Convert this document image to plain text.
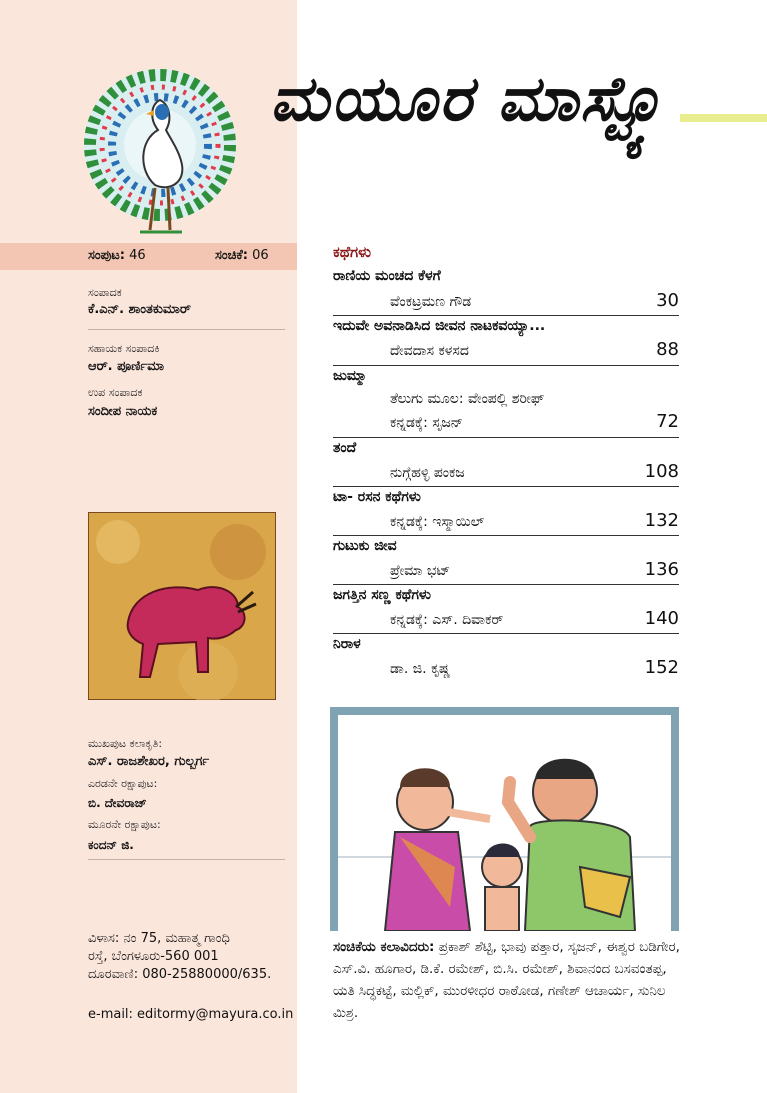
ಮಯೂರ ಮಾಸ್ಟ್ಯೊ
ಸಂಪುಟ: 46	ಸಂಚಿಕೆ: 06
ಸಂಪಾದಕ
ಕೆ.ಎನ್. ಶಾಂತಕುಮಾರ್
ಸಹಾಯಕ ಸಂಪಾದಕಿ
ಆರ್. ಪೂರ್ಣಿಮಾ
ಉಪ ಸಂಪಾದಕ
ಸಂದೀಪ ನಾಯಕ
ಮುಖಪುಟ ಕಲಾಕೃತಿ:
ಎಸ್. ರಾಜಶೇಖರ, ಗುಲ್ಬರ್ಗ
ಎರಡನೇ ರಕ್ಷಾಪುಟ:
ಬಿ. ದೇವರಾಜ್
ಮೂರನೇ ರಕ್ಷಾಪುಟ:
ಕಂದನ್ ಜಿ.
ವಿಳಾಸ: ನಂ 75, ಮಹಾತ್ಮ ಗಾಂಧಿ
ರಸ್ತೆ, ಬೆಂಗಳೂರು-560 001
ದೂರವಾಣಿ: 080-25880000/635.
e-mail: editormy@mayura.co.in
ಕಥೆಗಳು
ರಾಣಿಯ ಮಂಚದ ಕೆಳಗೆ
ವೆಂಕಟ್ರಮಣ ಗೌಡ	30
ಇದುವೇ ಅವನಾಡಿಸಿದ ಜೀವನ ನಾಟಕವಯ್ಯಾ...
ದೇವದಾಸ ಕಳಸದ	88
ಜುಮ್ಮಾ
ತೆಲುಗು ಮೂಲ: ವೇಂಪಲ್ಲಿ ಶರೀಫ್
ಕನ್ನಡಕ್ಕೆ: ಸೃಜನ್	72
ತಂದೆ
ನುಗ್ಗೆಹಳ್ಳಿ ಪಂಕಜ	108
ಟಾ- ರಸನ ಕಥೆಗಳು
ಕನ್ನಡಕ್ಕೆ: ಇಸ್ಮಾಯಿಲ್	132
ಗುಟುಕು ಜೀವ
ಪ್ರೇಮಾ ಭಟ್	136
ಜಗತ್ತಿನ ಸಣ್ಣ ಕಥೆಗಳು
ಕನ್ನಡಕ್ಕೆ: ಎಸ್. ದಿವಾಕರ್	140
ನಿರಾಳ
ಡಾ. ಜಿ. ಕೃಷ್ಣ	152
ಸಂಚಿಕೆಯ ಕಲಾವಿದರು: ಪ್ರಕಾಶ್ ಶೆಟ್ಟಿ, ಭಾವು ಪತ್ತಾರ, ಸೃಜನ್, ಈಶ್ವರ ಬಡಿಗೇರ, ಎಸ್.ವಿ. ಹೂಗಾರ, ಡಿ.ಕೆ. ರಮೇಶ್, ಬಿ.ಸಿ. ರಮೇಶ್, ಶಿವಾನಂದ ಬಸವಂತಪ್ಪ, ಯತಿ ಸಿದ್ಧಕಟ್ಟೆ, ಮಲ್ಲಿಕ್, ಮುರಳೀಧರ ರಾಠೋಡ, ಗಣೇಶ್ ಆಚಾರ್ಯ, ಸುನಿಲ ಮಿಶ್ರ.
